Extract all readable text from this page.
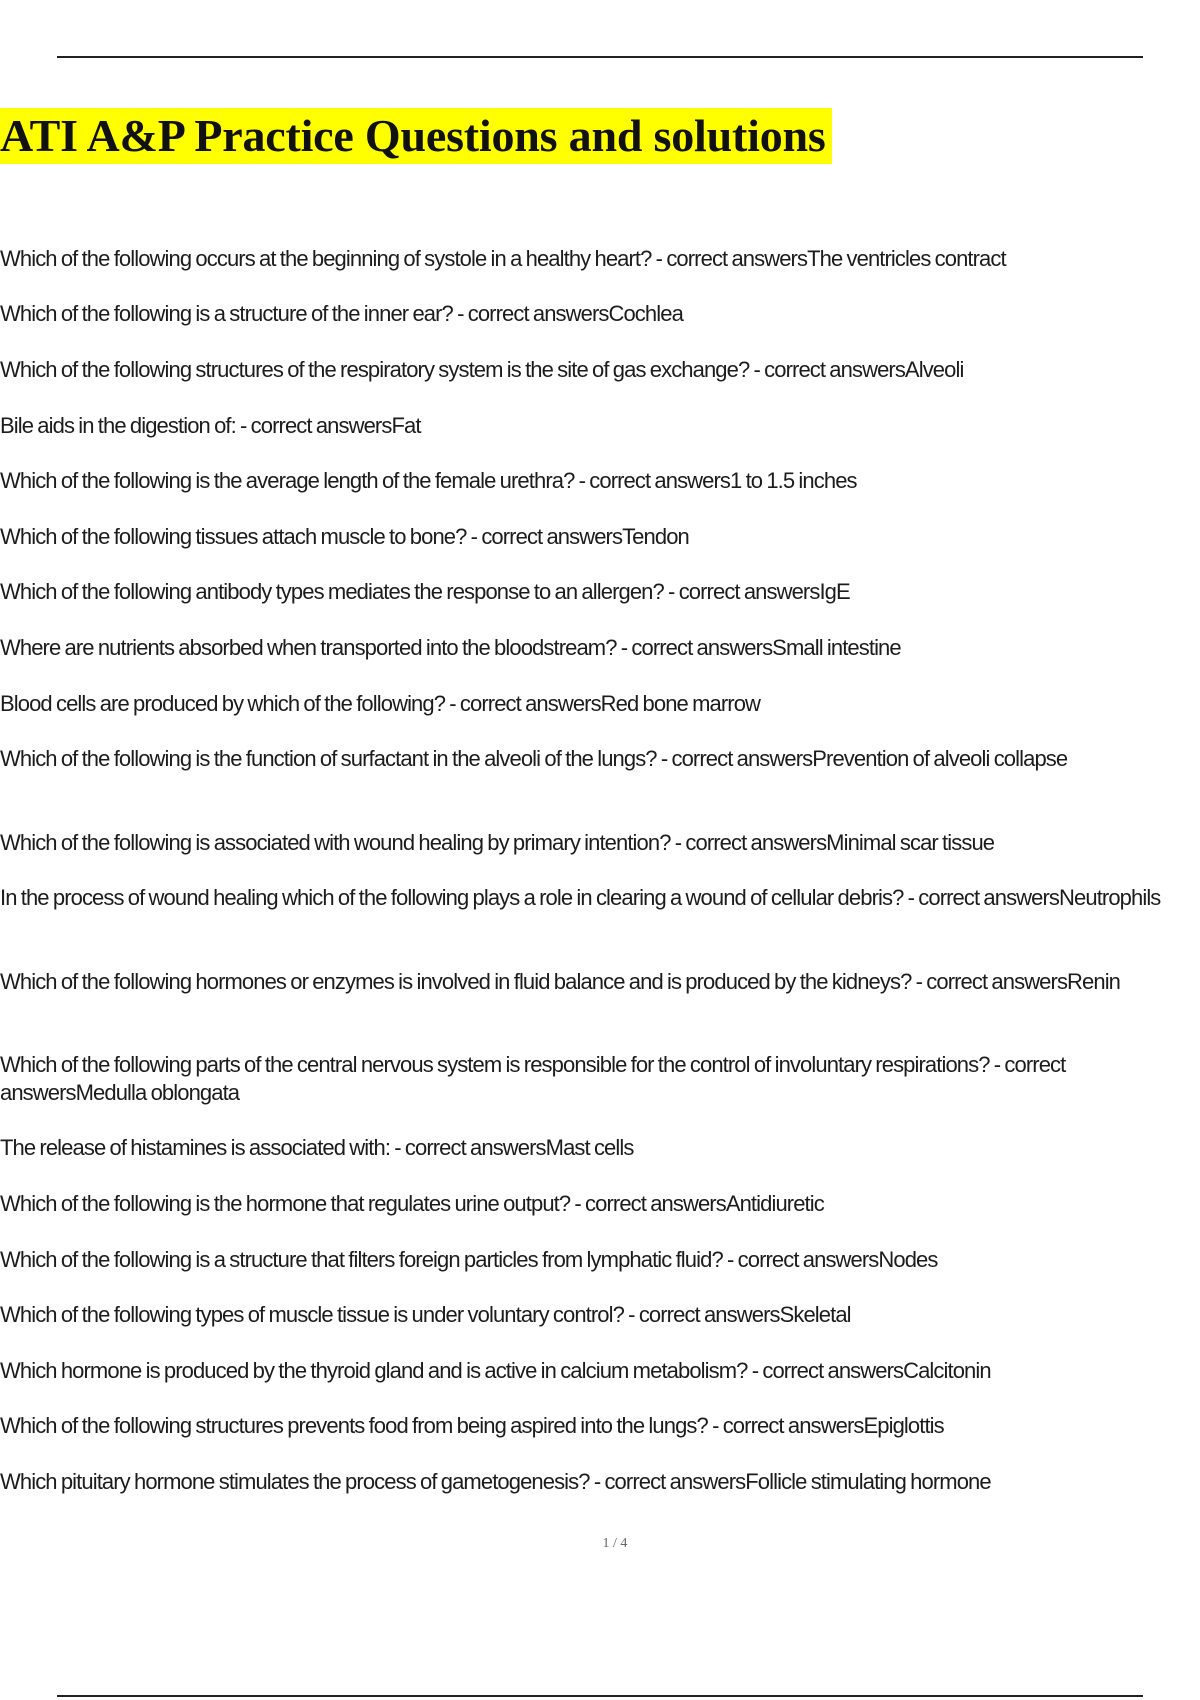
ATI A&P Practice Questions and solutions

Which of the following occurs at the beginning of systole in a healthy heart? - correct answersThe ventricles contract

Which of the following is a structure of the inner ear? - correct answersCochlea

Which of the following structures of the respiratory system is the site of gas exchange? - correct answersAlveoli

Bile aids in the digestion of: - correct answersFat

Which of the following is the average length of the female urethra? - correct answers1 to 1.5 inches

Which of the following tissues attach muscle to bone? - correct answersTendon

Which of the following antibody types mediates the response to an allergen? - correct answersIgE

Where are nutrients absorbed when transported into the bloodstream? - correct answersSmall intestine

Blood cells are produced by which of the following? - correct answersRed bone marrow

Which of the following is the function of surfactant in the alveoli of the lungs? - correct answersPrevention of alveoli collapse

Which of the following is associated with wound healing by primary intention? - correct answersMinimal scar tissue

In the process of wound healing which of the following plays a role in clearing a wound of cellular debris? - correct answersNeutrophils

Which of the following hormones or enzymes is involved in fluid balance and is produced by the kidneys? - correct answersRenin

Which of the following parts of the central nervous system is responsible for the control of involuntary respirations? - correct answersMedulla oblongata

The release of histamines is associated with: - correct answersMast cells

Which of the following is the hormone that regulates urine output? - correct answersAntidiuretic

Which of the following is a structure that filters foreign particles from lymphatic fluid? - correct answersNodes

Which of the following types of muscle tissue is under voluntary control? - correct answersSkeletal

Which hormone is produced by the thyroid gland and is active in calcium metabolism? - correct answersCalcitonin

Which of the following structures prevents food from being aspired into the lungs? - correct answersEpiglottis

Which pituitary hormone stimulates the process of gametogenesis? - correct answersFollicle stimulating hormone

1 / 4
